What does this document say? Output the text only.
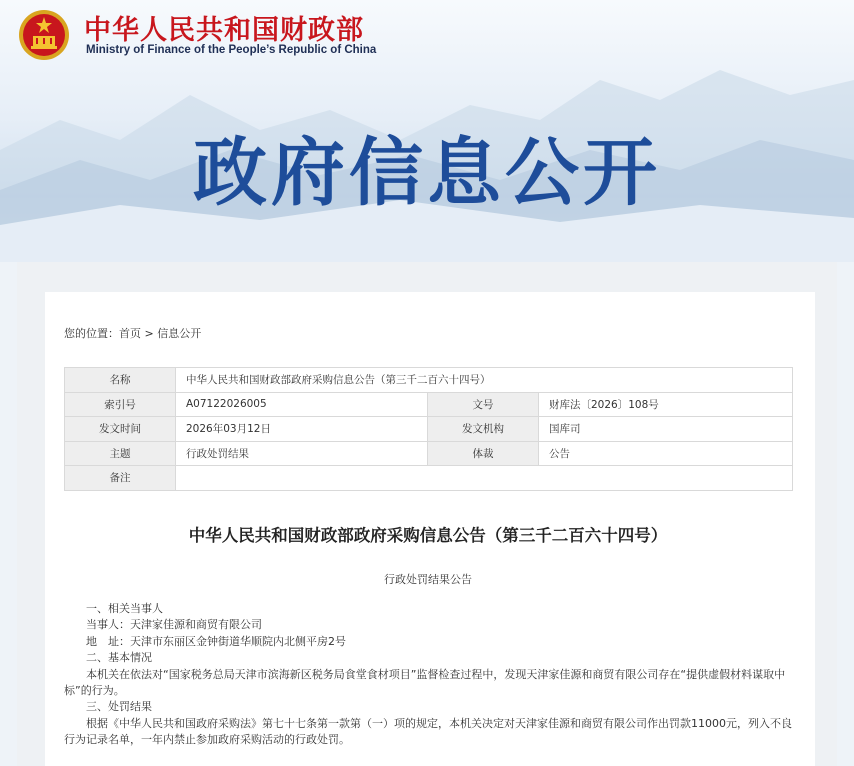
中华人民共和国财政部
Ministry of Finance of the People’s Republic of China
政府信息公开
您的位置：首页 > 信息公开
名称	中华人民共和国财政部政府采购信息公告（第三千二百六十四号）		
索引号	A07122026005	文号	财库法〔2026〕108号
发文时间	2026年03月12日	发文机构	国库司
主题	行政处罚结果	体裁	公告
备注			
中华人民共和国财政部政府采购信息公告（第三千二百六十四号）
行政处罚结果公告

一、相关当事人

当事人：天津家佳源和商贸有限公司

地　址：天津市东丽区金钟街道华顺院内北侧平房2号

二、基本情况

本机关在依法对“国家税务总局天津市滨海新区税务局食堂食材项目”监督检查过程中，发现天津家佳源和商贸有限公司存在“提供虚假材料谋取中标”的行为。

三、处罚结果

根据《中华人民共和国政府采购法》第七十七条第一款第（一）项的规定，本机关决定对天津家佳源和商贸有限公司作出罚款11000元，列入不良行为记录名单，一年内禁止参加政府采购活动的行政处罚。
